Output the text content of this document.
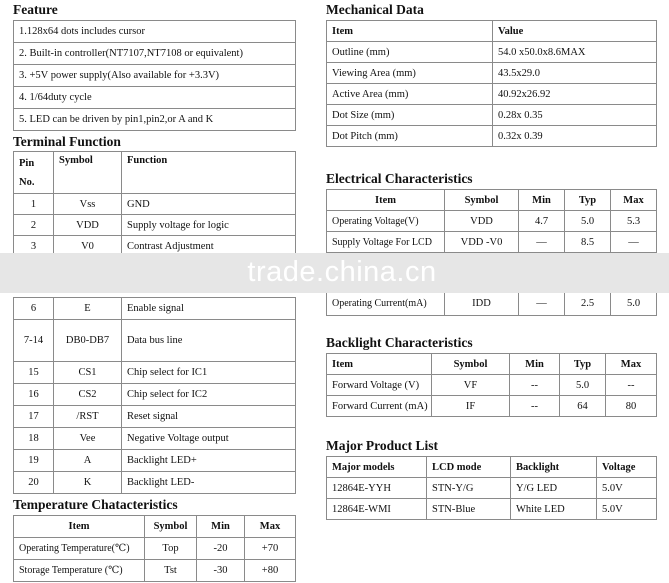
Feature
1.128x64 dots includes cursor
2. Built-in controller(NT7107,NT7108 or equivalent)
3. +5V power supply(Also available for +3.3V)
4. 1/64duty cycle
5. LED can be driven by pin1,pin2,or A and K
Terminal Function
Pin No.	Symbol	Function
1	Vss	GND
2	VDD	Supply voltage for logic
3	V0	Contrast Adjustment
6	E	Enable signal
7-14	DB0-DB7	Data bus line
15	CS1	Chip select for IC1
16	CS2	Chip select for IC2
17	/RST	Reset signal
18	Vee	Negative Voltage output
19	A	Backlight LED+
20	K	Backlight LED-
Temperature Chatacteristics
Item	Symbol	Min	Max
Operating Temperature(℃)	Top	-20	+70
Storage Temperature (℃)	Tst	-30	+80
Mechanical Data
Item	Value
Outline (mm)	54.0 x50.0x8.6MAX
Viewing Area (mm)	43.5x29.0
Active Area (mm)	40.92x26.92
Dot Size (mm)	0.28x 0.35
Dot Pitch (mm)	0.32x 0.39
Electrical Characteristics
Item	Symbol	Min	Typ	Max
Operating Voltage(V)	VDD	4.7	5.0	5.3
Supply Voltage For LCD	VDD -V0	—	8.5	—
Operating Current(mA)	IDD	—	2.5	5.0
Backlight Characteristics
Item	Symbol	Min	Typ	Max
Forward Voltage (V)	VF	--	5.0	--
Forward Current (mA)	IF	--	64	80
Major Product List
Major models	LCD mode	Backlight	Voltage
12864E-YYH	STN-Y/G	Y/G LED	5.0V
12864E-WMI	STN-Blue	White LED	5.0V
trade.china.cn
